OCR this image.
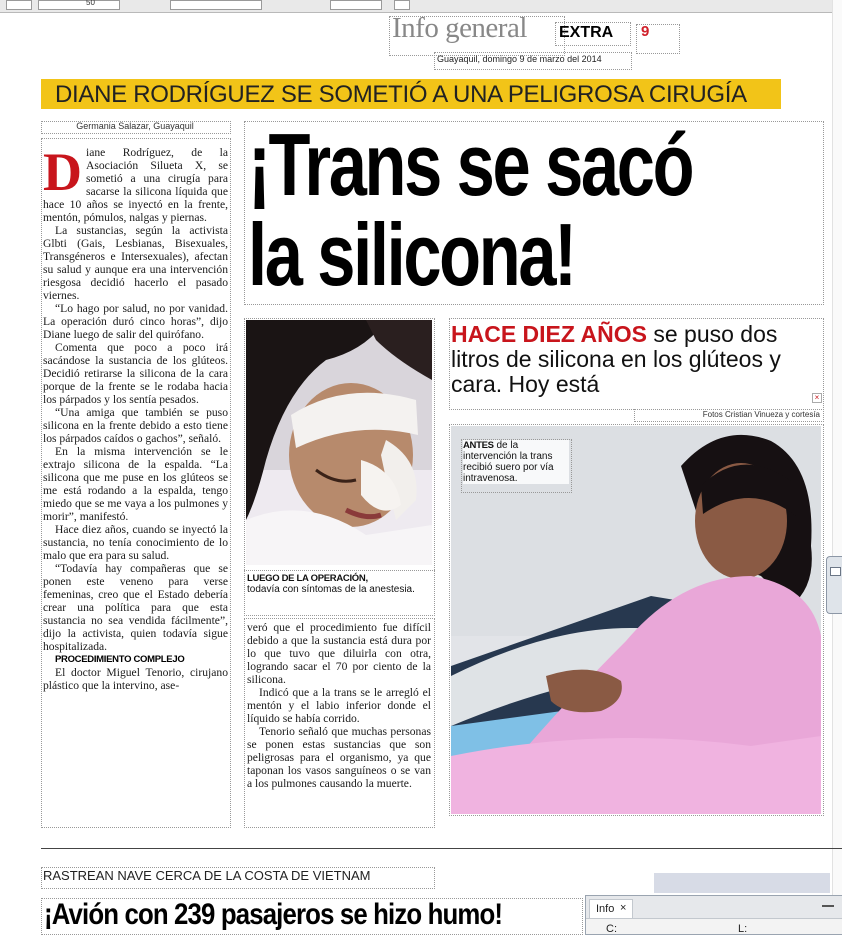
50
Info general EXTRA 9
Guayaquil, domingo 9 de marzo del 2014
DIANE RODRÍGUEZ SE SOMETIÓ A UNA PELIGROSA CIRUGÍA
Germania Salazar, Guayaquil ¡Trans se sacó
la silicona!
D iane Rodríguez, de la Asociación Silueta X, se sometió a una cirugía para sacarse la silicona líquida que hace 10 años se inyectó en la frente, mentón, pómulos, nalgas y piernas.

La sustancias, según la activista Glbti (Gais, Lesbianas, Bisexuales, Transgéneros e Intersexuales), afectan su salud y aunque era una intervención riesgosa decidió hacerlo el pasado viernes.

“Lo hago por salud, no por vanidad. La operación duró cinco horas”, dijo Diane luego de salir del quirófano.

Comenta que poco a poco irá sacándose la sustancia de los glúteos. Decidió retirarse la silicona de la cara porque de la frente se le rodaba hacia los párpados y los sentía pesados.

“Una amiga que también se puso silicona en la frente debido a esto tiene los párpados caídos o gachos”, señaló.

En la misma intervención se le extrajo silicona de la espalda. “La silicona que me puse en los glúteos se me está rodando a la espalda, tengo miedo que se me vaya a los pulmones y morir”, manifestó.

Hace diez años, cuando se inyectó la sustancia, no tenía conocimiento de lo malo que era para su salud.

“Todavía hay compañeras que se ponen este veneno para verse femeninas, creo que el Estado debería crear una política para que esta sustancia no sea vendida fácilmente”, dijo la activista, quien todavía sigue hospitalizada.

PROCEDIMIENTO COMPLEJO

El doctor Miguel Tenorio, cirujano plástico que la intervino, ase-

LUEGO DE LA OPERACIÓN,
todavía con síntomas de la anestesia.

veró que el procedimiento fue difícil debido a que la sustancia está dura por lo que tuvo que diluirla con otra, logrando sacar el 70 por ciento de la silicona.

Indicó que a la trans se le arregló el mentón y el labio inferior donde el líquido se había corrido.

Tenorio señaló que muchas personas se ponen estas sustancias que son peligrosas para el organismo, ya que taponan los vasos sanguíneos o se van a los pulmones causando la muerte.

HACE DIEZ AÑOS se puso dos litros de silicona en los glúteos y cara. Hoy está
×
Fotos Cristian Vinueza y cortesía
ANTES de la intervención la trans recibió suero por vía intravenosa.
RASTREAN NAVE CERCA DE LA COSTA DE VIETNAM
¡Avión con 239 pasajeros se hizo humo!	Info ×
C:	L:
